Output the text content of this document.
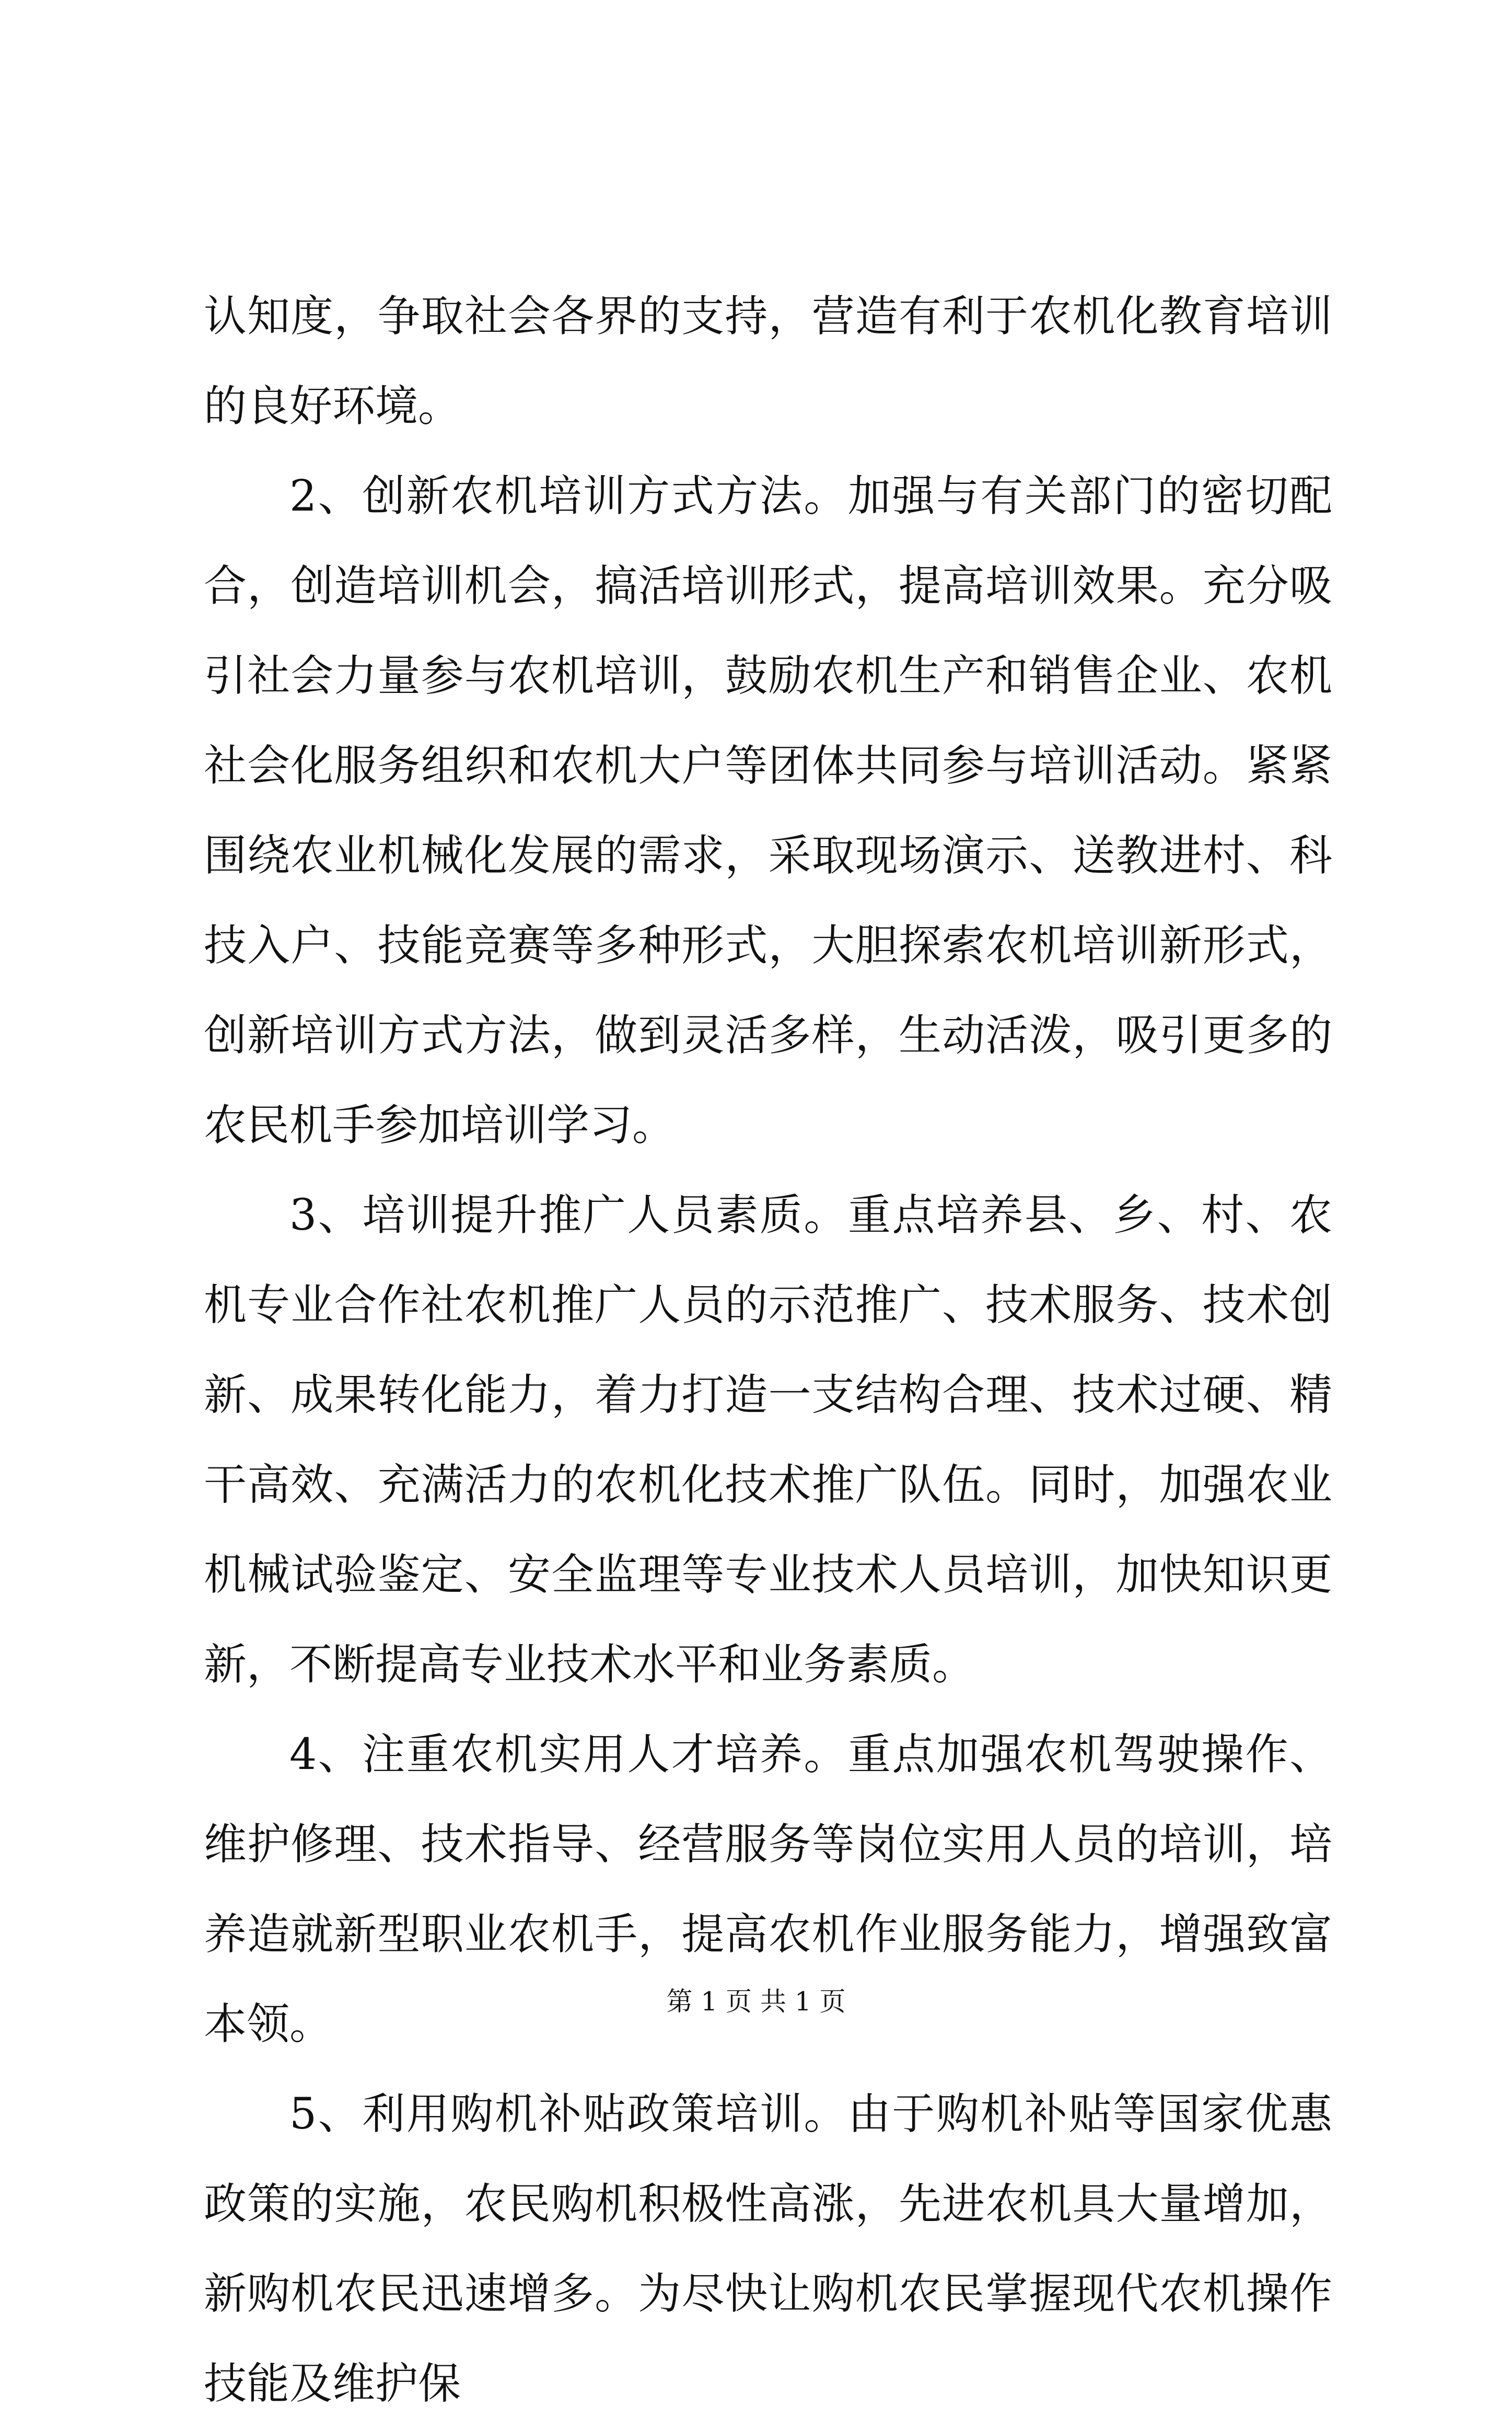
认知度，争取社会各界的支持，营造有利于农机化教育培训的良好环境。

2、创新农机培训方式方法。加强与有关部门的密切配合，创造培训机会，搞活培训形式，提高培训效果。充分吸引社会力量参与农机培训，鼓励农机生产和销售企业、农机社会化服务组织和农机大户等团体共同参与培训活动。紧紧围绕农业机械化发展的需求，采取现场演示、送教进村、科技入户、技能竞赛等多种形式，大胆探索农机培训新形式，创新培训方式方法，做到灵活多样，生动活泼，吸引更多的农民机手参加培训学习。

3、培训提升推广人员素质。重点培养县、乡、村、农机专业合作社农机推广人员的示范推广、技术服务、技术创新、成果转化能力，着力打造一支结构合理、技术过硬、精干高效、充满活力的农机化技术推广队伍。同时，加强农业机械试验鉴定、安全监理等专业技术人员培训，加快知识更新，不断提高专业技术水平和业务素质。

4、注重农机实用人才培养。重点加强农机驾驶操作、维护修理、技术指导、经营服务等岗位实用人员的培训，培养造就新型职业农机手，提高农机作业服务能力，增强致富本领。

5、利用购机补贴政策培训。由于购机补贴等国家优惠政策的实施，农民购机积极性高涨，先进农机具大量增加，新购机农民迅速增多。为尽快让购机农民掌握现代农机操作技能及维护保

第 1 页 共 1 页
